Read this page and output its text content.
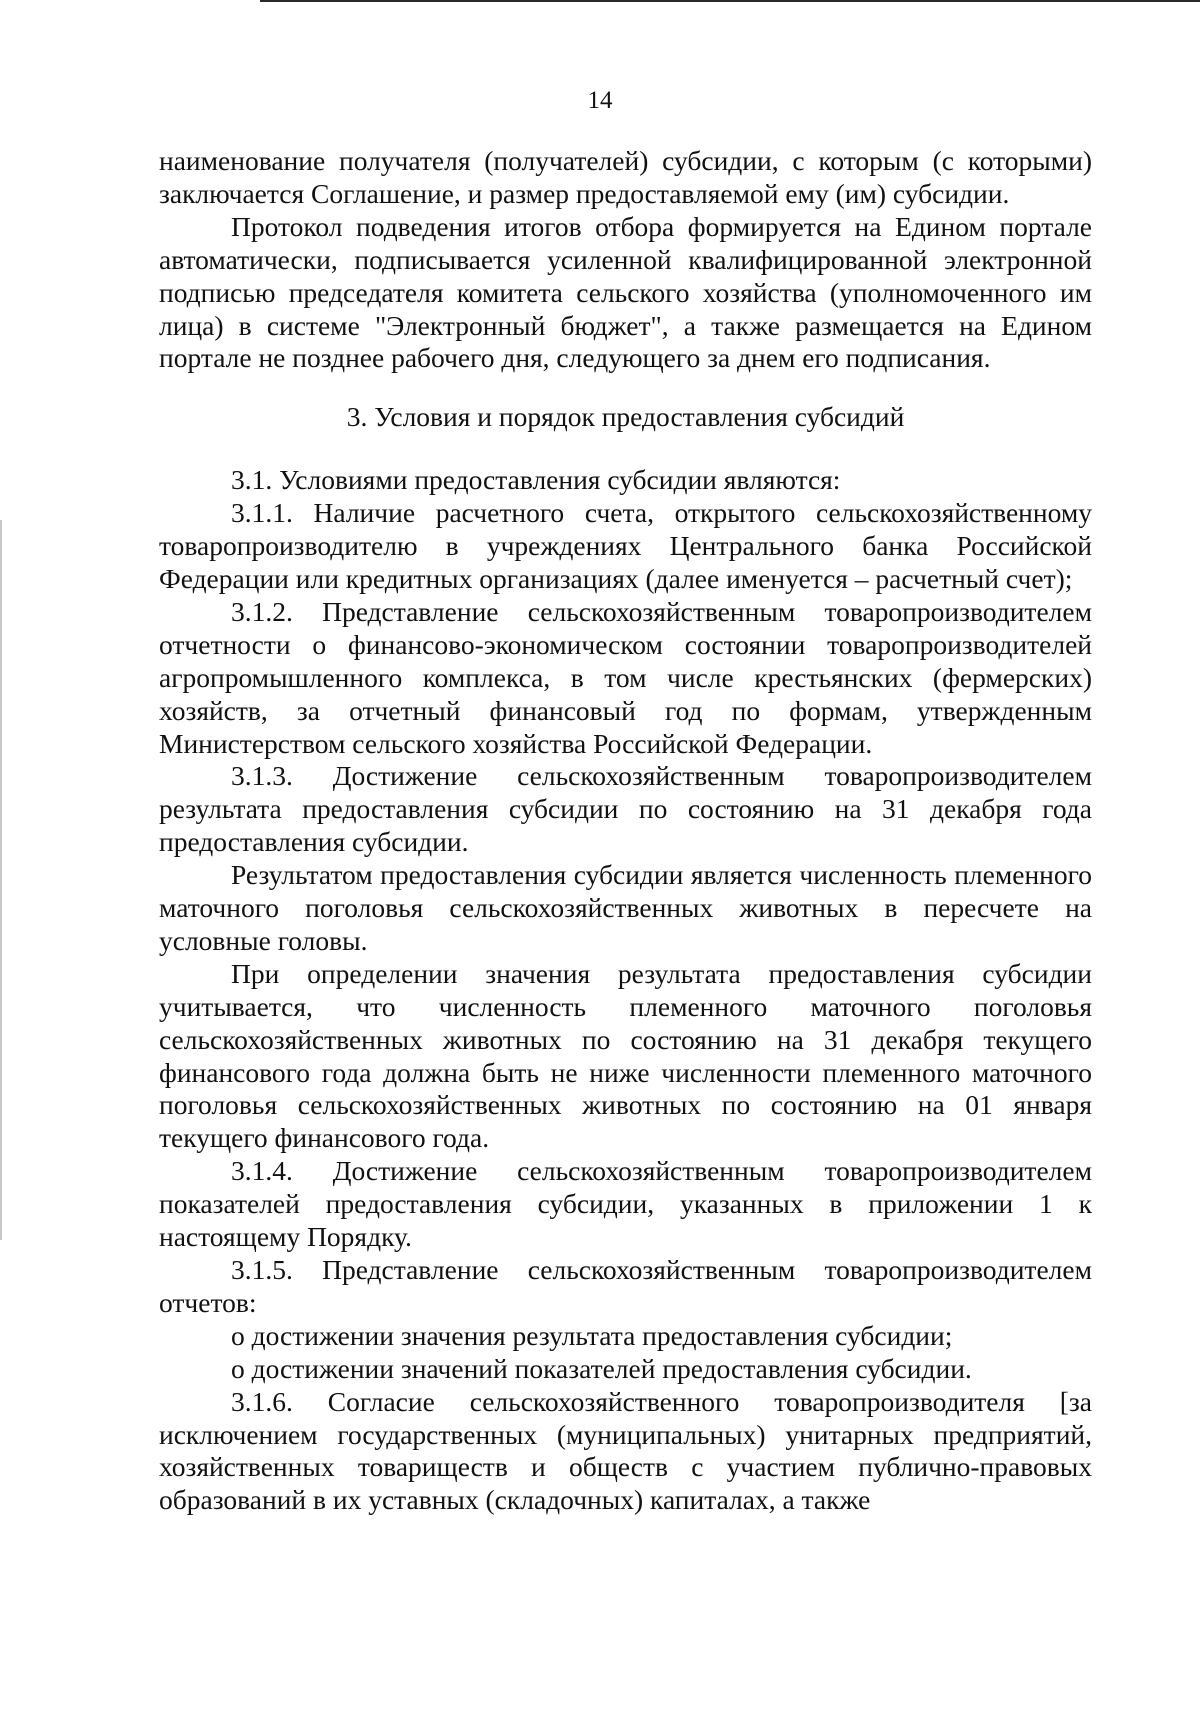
14

наименование получателя (получателей) субсидии, с которым (с которыми) заключается Соглашение, и размер предоставляемой ему (им) субсидии.

Протокол подведения итогов отбора формируется на Едином портале автоматически, подписывается усиленной квалифицированной электронной подписью председателя комитета сельского хозяйства (уполномоченного им лица) в системе "Электронный бюджет", а также размещается на Едином портале не позднее рабочего дня, следующего за днем его подписания.

3. Условия и порядок предоставления субсидий

3.1. Условиями предоставления субсидии являются:

3.1.1. Наличие расчетного счета, открытого сельскохозяйственному товаропроизводителю в учреждениях Центрального банка Российской Федерации или кредитных организациях (далее именуется – расчетный счет);

3.1.2. Представление сельскохозяйственным товаропроизводителем отчетности о финансово-экономическом состоянии товаропроизводителей агропромышленного комплекса, в том числе крестьянских (фермерских) хозяйств, за отчетный финансовый год по формам, утвержденным Министерством сельского хозяйства Российской Федерации.

3.1.3. Достижение сельскохозяйственным товаропроизводителем результата предоставления субсидии по состоянию на 31 декабря года предоставления субсидии.

Результатом предоставления субсидии является численность племенного маточного поголовья сельскохозяйственных животных в пересчете на условные головы.

При определении значения результата предоставления субсидии учитывается, что численность племенного маточного поголовья сельскохозяйственных животных по состоянию на 31 декабря текущего финансового года должна быть не ниже численности племенного маточного поголовья сельскохозяйственных животных по состоянию на 01 января текущего финансового года.

3.1.4. Достижение сельскохозяйственным товаропроизводителем показателей предоставления субсидии, указанных в приложении 1 к настоящему Порядку.

3.1.5. Представление сельскохозяйственным товаропроизводителем отчетов:

о достижении значения результата предоставления субсидии;

о достижении значений показателей предоставления субсидии.

3.1.6. Согласие сельскохозяйственного товаропроизводителя [за исключением государственных (муниципальных) унитарных предприятий, хозяйственных товариществ и обществ с участием публично-правовых образований в их уставных (складочных) капиталах, а также
